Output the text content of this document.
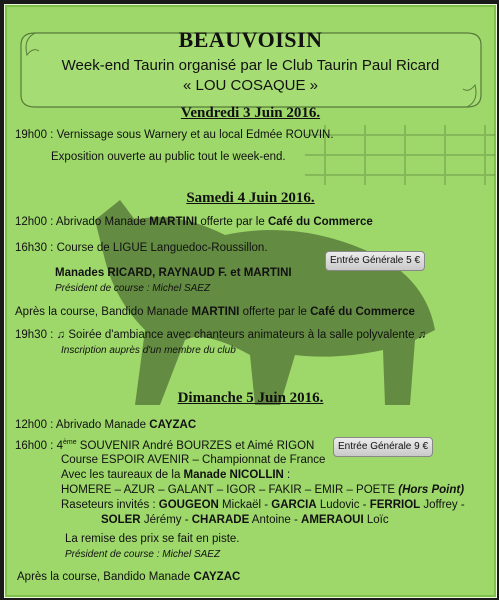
BEAUVOISIN
Week-end Taurin organisé par le Club Taurin Paul Ricard
« LOU COSAQUE »
Vendredi 3 Juin 2016.
19h00 : Vernissage sous Warnery et au local Edmée ROUVIN.
Exposition ouverte au public tout le week-end.
Samedi 4 Juin 2016.
12h00 : Abrivado Manade MARTINI offerte par le Café du Commerce
16h30 : Course de LIGUE Languedoc-Roussillon.
Manades RICARD, RAYNAUD F. et MARTINI
Président de course : Michel SAEZ
Entrée Générale 5 €
Après la course, Bandido Manade MARTINI offerte par le Café du Commerce
19h30 : ♫ Soirée d'ambiance avec chanteurs animateurs à la salle polyvalente ♫
Inscription auprès d'un membre du club
Dimanche 5 Juin 2016.
12h00 : Abrivado Manade CAYZAC
16h00 : 4ème SOUVENIR André BOURZES et Aimé RIGON	Entrée Générale 9 €
Course ESPOIR AVENIR – Championnat de France
Avec les taureaux de la Manade NICOLLIN :
HOMERE – AZUR – GALANT – IGOR – FAKIR – EMIR – POETE (Hors Point)
Raseteurs invités : GOUGEON Mickaël - GARCIA Ludovic - FERRIOL Joffrey -
SOLER Jérémy - CHARADE Antoine - AMERAOUI Loïc
La remise des prix se fait en piste.
Président de course : Michel SAEZ
Après la course, Bandido Manade CAYZAC
